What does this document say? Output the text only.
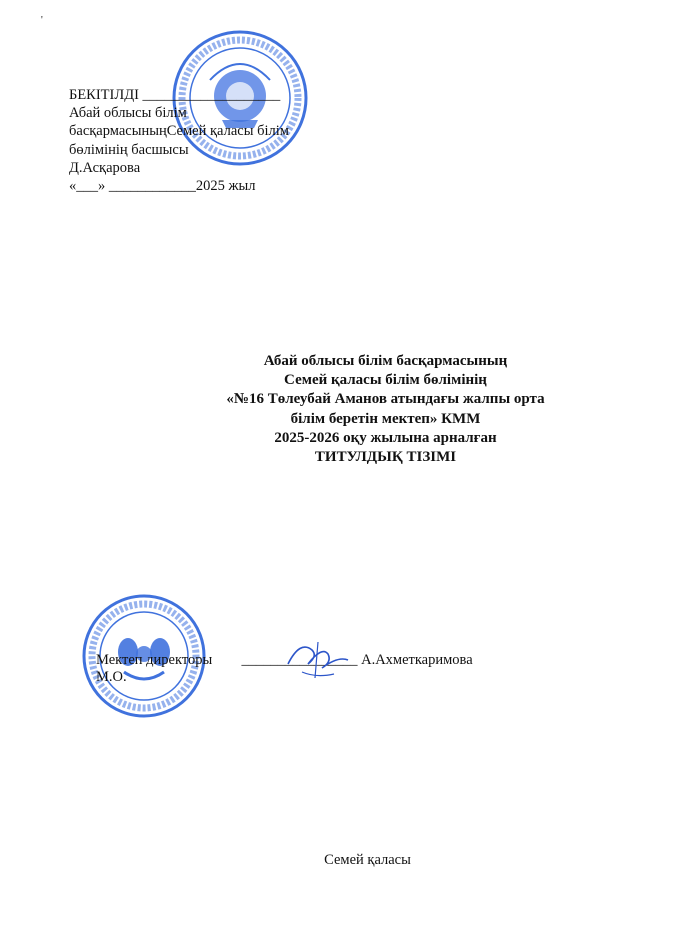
'
БЕКІТІЛДІ ___________________
Абай облысы білім
басқармасыныңСемей қаласы білім
бөлімінің басшысы
Д.Асқарова
«___» ____________2025 жыл
Абай облысы білім басқармасының
Семей қаласы білім бөлімінің
«№16 Төлеубай Аманов атындағы жалпы орта
білім беретін мектеп» КММ
2025-2026 оқу жылына арналған
ТИТУЛДЫҚ ТІЗІМІ
Мектеп директоры ________________ А.Ахметкаримова
М.О.
Семей қаласы
